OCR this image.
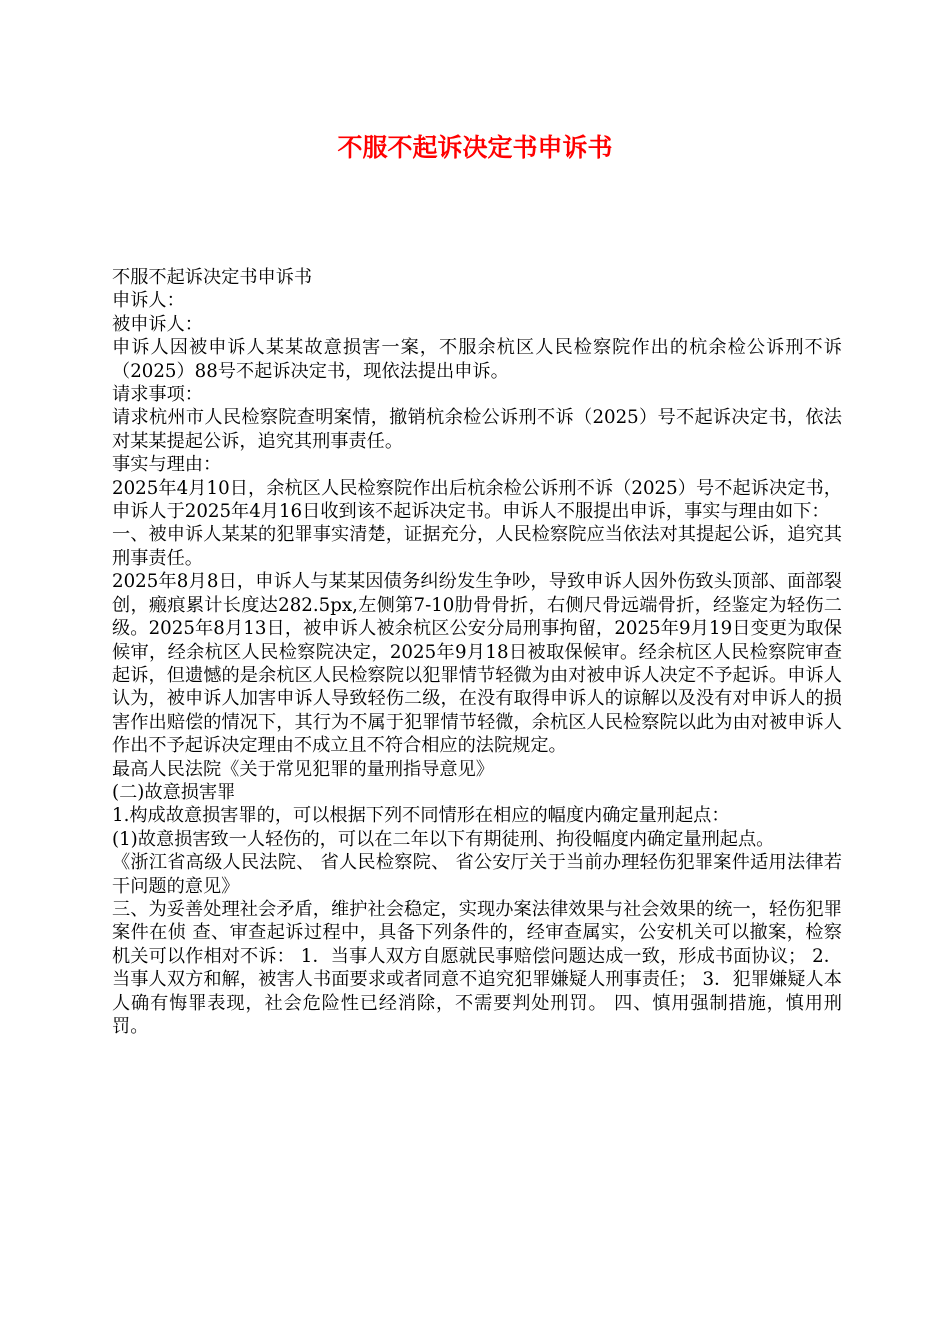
不服不起诉决定书申诉书

不服不起诉决定书申诉书

申诉人：

被申诉人：

申诉人因被申诉人某某故意损害一案，不服余杭区人民检察院作出的杭余检公诉刑不诉（2025）88号不起诉决定书，现依法提出申诉。

请求事项：

请求杭州市人民检察院查明案情，撤销杭余检公诉刑不诉（2025）号不起诉决定书，依法对某某提起公诉，追究其刑事责任。

事实与理由：

2025年4月10日，余杭区人民检察院作出后杭余检公诉刑不诉（2025）号不起诉决定书，申诉人于2025年4月16日收到该不起诉决定书。申诉人不服提出申诉，事实与理由如下：

一、被申诉人某某的犯罪事实清楚，证据充分，人民检察院应当依法对其提起公诉，追究其刑事责任。

2025年8月8日，申诉人与某某因债务纠纷发生争吵，导致申诉人因外伤致头顶部、面部裂创，瘢痕累计长度达282.5px,左侧第7-10肋骨骨折，右侧尺骨远端骨折，经鉴定为轻伤二级。2025年8月13日，被申诉人被余杭区公安分局刑事拘留，2025年9月19日变更为取保候审，经余杭区人民检察院决定，2025年9月18日被取保候审。经余杭区人民检察院审查起诉，但遗憾的是余杭区人民检察院以犯罪情节轻微为由对被申诉人决定不予起诉。申诉人认为，被申诉人加害申诉人导致轻伤二级，在没有取得申诉人的谅解以及没有对申诉人的损害作出赔偿的情况下，其行为不属于犯罪情节轻微，余杭区人民检察院以此为由对被申诉人作出不予起诉决定理由不成立且不符合相应的法院规定。

最高人民法院《关于常见犯罪的量刑指导意见》

(二)故意损害罪

1.构成故意损害罪的，可以根据下列不同情形在相应的幅度内确定量刑起点：

(1)故意损害致一人轻伤的，可以在二年以下有期徒刑、拘役幅度内确定量刑起点。

《浙江省高级人民法院、 省人民检察院、 省公安厅关于当前办理轻伤犯罪案件适用法律若干问题的意见》

三、为妥善处理社会矛盾，维护社会稳定，实现办案法律效果与社会效果的统一，轻伤犯罪案件在侦 查、审查起诉过程中，具备下列条件的，经审查属实，公安机关可以撤案，检察机关可以作相对不诉： 1．当事人双方自愿就民事赔偿问题达成一致，形成书面协议； 2．当事人双方和解，被害人书面要求或者同意不追究犯罪嫌疑人刑事责任； 3．犯罪嫌疑人本人确有悔罪表现，社会危险性已经消除，不需要判处刑罚。 四、慎用强制措施，慎用刑罚。
